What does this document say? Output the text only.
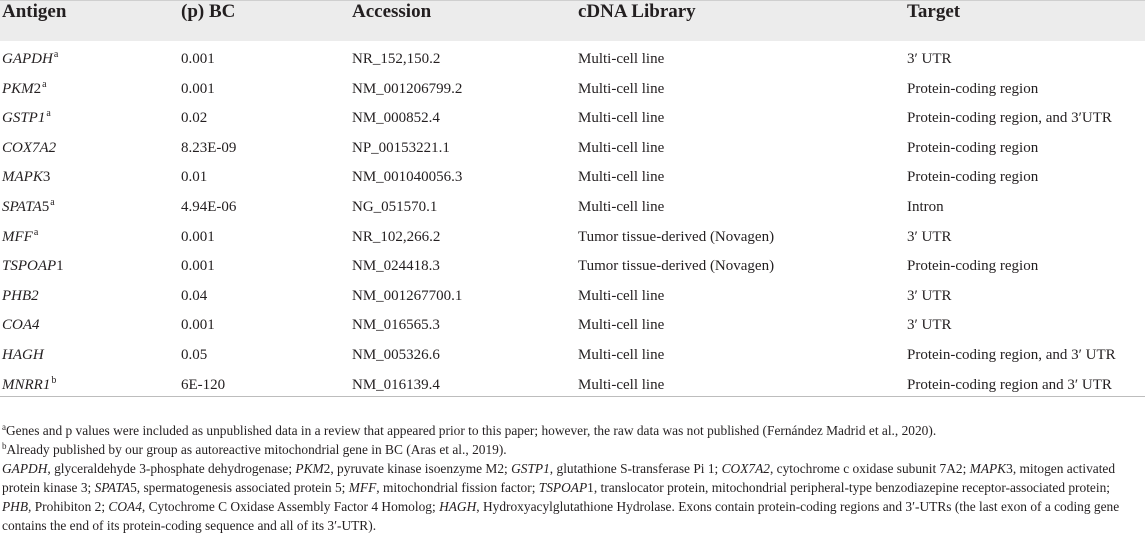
Antigen	(p) BC	Accession	cDNA Library	Target
GAPDH$^a$	0.001	NR_152,150.2	Multi-cell line	3′ UTR
PKM2$^a$	0.001	NM_001206799.2	Multi-cell line	Protein-coding region
GSTP1$^a$	0.02	NM_000852.4	Multi-cell line	Protein-coding region, and 3′UTR
COX7A2	8.23E-09	NP_00153221.1	Multi-cell line	Protein-coding region
MAPK3	0.01	NM_001040056.3	Multi-cell line	Protein-coding region
SPATA5$^a$	4.94E-06	NG_051570.1	Multi-cell line	Intron
MFF$^a$	0.001	NR_102,266.2	Tumor tissue-derived (Novagen)	3′ UTR
TSPOAP1	0.001	NM_024418.3	Tumor tissue-derived (Novagen)	Protein-coding region
PHB2	0.04	NM_001267700.1	Multi-cell line	3′ UTR
COA4	0.001	NM_016565.3	Multi-cell line	3′ UTR
HAGH	0.05	NM_005326.6	Multi-cell line	Protein-coding region, and 3′ UTR
MNRR1$^b$	6E-120	NM_016139.4	Multi-cell line	Protein-coding region and 3′ UTR

$^a$Genes and p values were included as unpublished data in a review that appeared prior to this paper; however, the raw data was not published (Fernández Madrid et al., 2020).

$^b$Already published by our group as autoreactive mitochondrial gene in BC (Aras et al., 2019).

GAPDH, glyceraldehyde 3-phosphate dehydrogenase; PKM2, pyruvate kinase isoenzyme M2; GSTP1, glutathione S-transferase Pi 1; COX7A2, cytochrome c oxidase subunit 7A2; MAPK3, mitogen activated protein kinase 3; SPATA5, spermatogenesis associated protein 5; MFF, mitochondrial fission factor; TSPOAP1, translocator protein, mitochondrial peripheral-type benzodiazepine receptor-associated protein; PHB, Prohibiton 2; COA4, Cytochrome C Oxidase Assembly Factor 4 Homolog; HAGH, Hydroxyacylglutathione Hydrolase. Exons contain protein-coding regions and 3′-UTRs (the last exon of a coding gene contains the end of its protein-coding sequence and all of its 3′-UTR).
